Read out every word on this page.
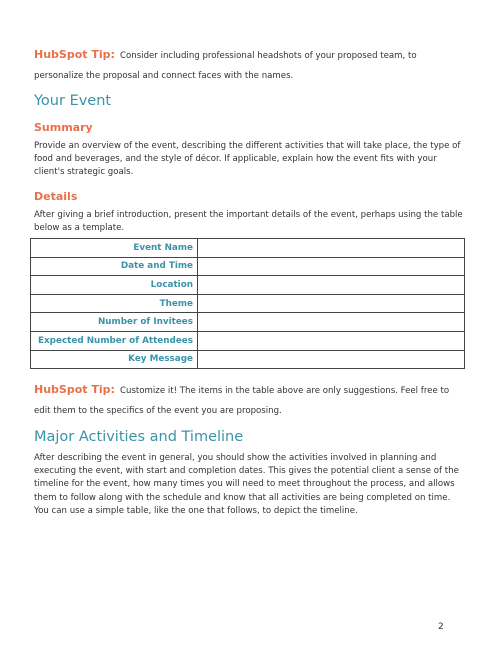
HubSpot Tip: Consider including professional headshots of your proposed team, to personalize the proposal and connect faces with the names.
Your Event
Summary
Provide an overview of the event, describing the different activities that will take place, the type of food and beverages, and the style of décor. If applicable, explain how the event fits with your client's strategic goals.
Details
After giving a brief introduction, present the important details of the event, perhaps using the table below as a template.
Event Name	
Date and Time	
Location	
Theme	
Number of Invitees	
Expected Number of Attendees	
Key Message	
HubSpot Tip: Customize it! The items in the table above are only suggestions. Feel free to edit them to the specifics of the event you are proposing.
Major Activities and Timeline
After describing the event in general, you should show the activities involved in planning and executing the event, with start and completion dates. This gives the potential client a sense of the timeline for the event, how many times you will need to meet throughout the process, and allows them to follow along with the schedule and know that all activities are being completed on time. You can use a simple table, like the one that follows, to depict the timeline.
2
